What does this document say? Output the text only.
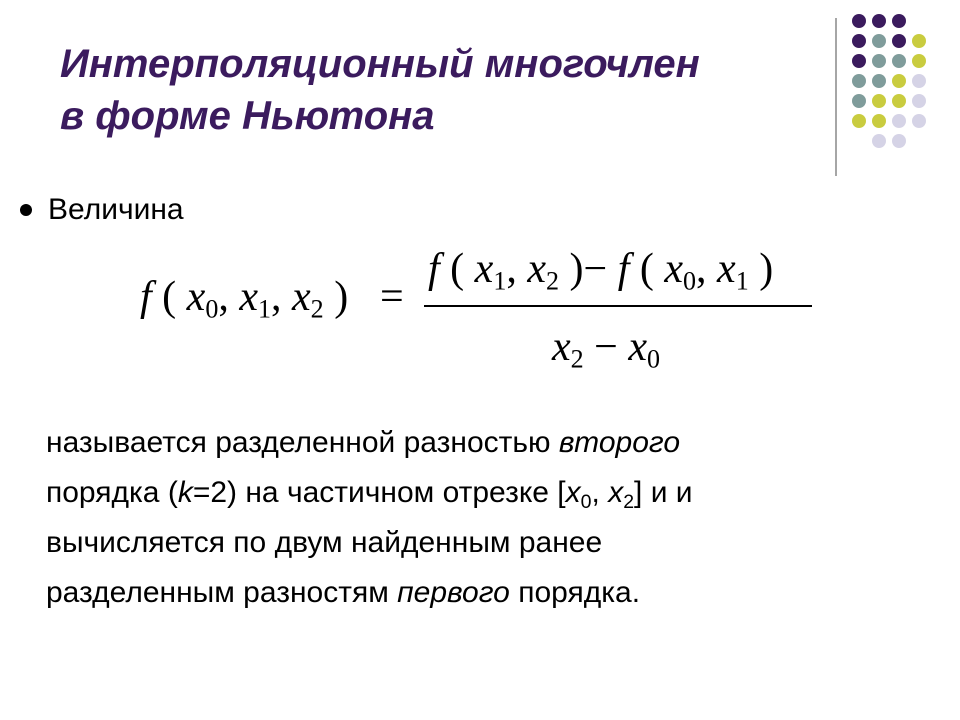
Интерполяционный многочлен
в форме Ньютона
Величина
f ( $x_0$, $x_1$, $x_2$ ) =
f ( $x_1$, $x_2$ )− f ( $x_0$, $x_1$ )
$x_2 - x_0$

называется разделенной разностью второго
порядка (k=2) на частичном отрезке [$x_0$, $x_2$] и и
вычисляется по двум найденным ранее
разделенным разностям первого порядка.
